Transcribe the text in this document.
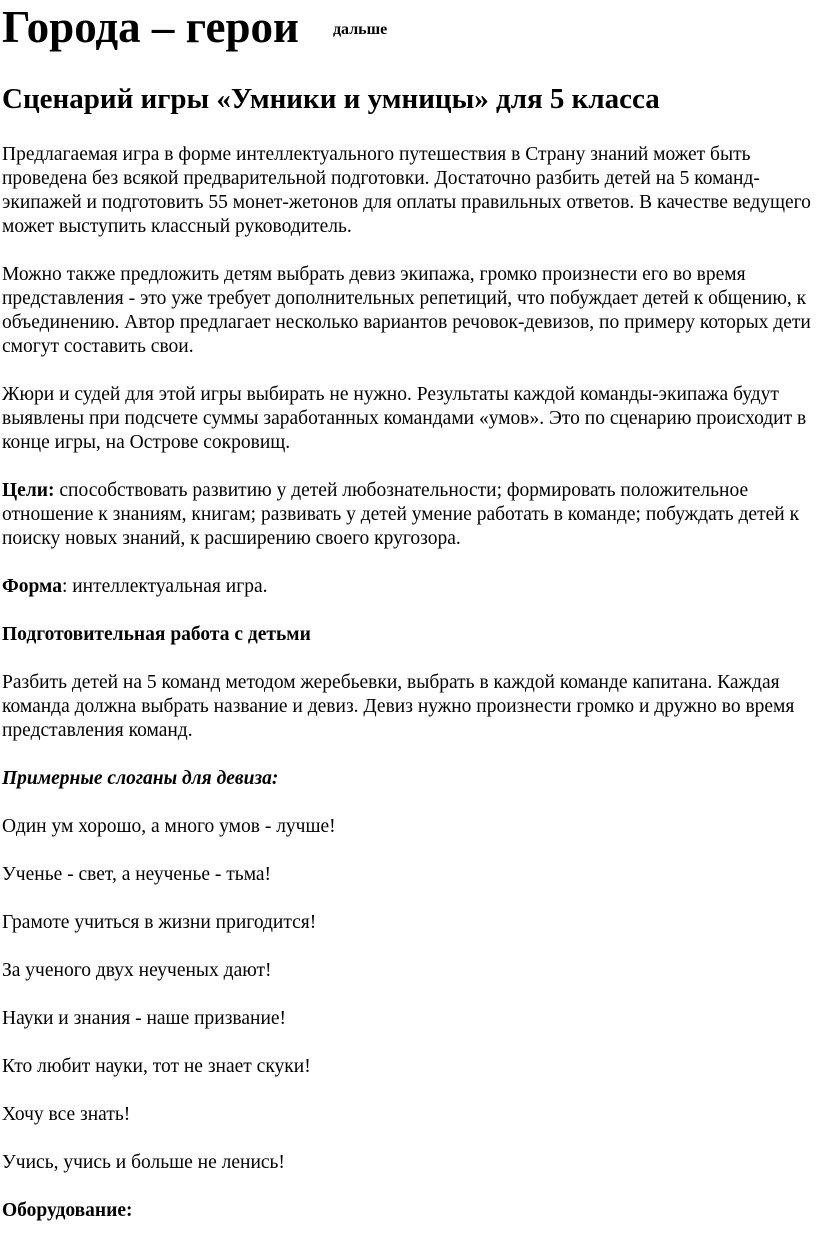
Города – герои дальше
Сценарий игры «Умники и умницы» для 5 класса

Предлагаемая игра в форме интеллектуального путешествия в Страну знаний может быть проведена без всякой предварительной подготовки. Достаточно разбить детей на 5 команд-экипажей и подготовить 55 монет-жетонов для оплаты правильных ответов. В качестве ведущего может выступить классный руководитель.

Можно также предложить детям выбрать девиз экипажа, громко произнести его во время представления - это уже требует дополнительных репетиций, что побуждает детей к общению, к объединению. Автор предлагает несколько вариантов речовок-девизов, по примеру которых дети смогут составить свои.

Жюри и судей для этой игры выбирать не нужно. Результаты каждой команды-экипажа будут выявлены при подсчете суммы заработанных командами «умов». Это по сценарию происходит в конце игры, на Острове сокровищ.

Цели: способствовать развитию у детей любознательности; формировать положительное отношение к знаниям, книгам; развивать у детей умение работать в команде; побуждать детей к поиску новых знаний, к расширению своего кругозора.

Форма: интеллектуальная игра.

Подготовительная работа с детьми

Разбить детей на 5 команд методом жеребьевки, выбрать в каждой команде капитана. Каждая команда должна выбрать название и девиз. Девиз нужно произнести громко и дружно во время представления команд.

Примерные слоганы для девиза:

Один ум хорошо, а много умов - лучше!
Ученье - свет, а неученье - тьма!
Грамоте учиться в жизни пригодится!
За ученого двух неученых дают!
Науки и знания - наше призвание!
Кто любит науки, тот не знает скуки!
Хочу все знать!
Учись, учись и больше не ленись!

Оборудование:
